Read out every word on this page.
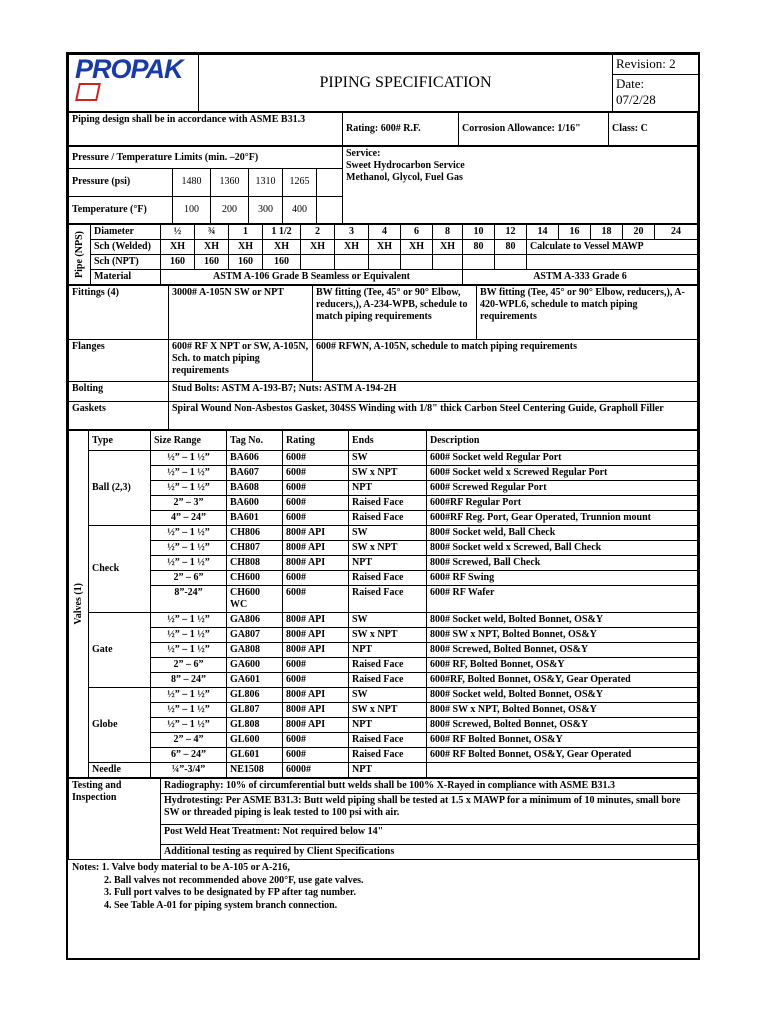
PROPAK	PIPING SPECIFICATION	Revision: 2

Date:
07/2/28
Piping design shall be in accordance with ASME B31.3	Rating: 600# R.F.	Corrosion Allowance: 1/16"	Class: C
Pressure / Temperature Limits (min. –20°F)						Service:
Sweet Hydrocarbon Service
Methanol, Glycol, Fuel Gas
Pressure (psi)	1480	1360	1310	1265		
Temperature (°F)	100	200	300	400		
Pipe (NPS)	Diameter	½	¾	1	1 1/2	2	3	4	6	8	10	12	14	16	18	20	24
	Sch (Welded)	XH	XH	XH	XH	XH	XH	XH	XH	XH	80	80	Calculate to Vessel MAWP				
	Sch (NPT)	160	160	160	160												
	Material	ASTM A-106 Grade B Seamless or Equivalent									ASTM A-333 Grade 6						
Fittings (4)	3000# A-105N SW or NPT	BW fitting (Tee, 45° or 90° Elbow, reducers,), A-234-WPB, schedule to match piping requirements	BW fitting (Tee, 45° or 90° Elbow, reducers,), A-420-WPL6, schedule to match piping requirements
Flanges	600# RF X NPT or SW, A-105N, Sch. to match piping requirements	600# RFWN, A-105N, schedule to match piping requirements	
Bolting	Stud Bolts: ASTM A-193-B7; Nuts: ASTM A-194-2H		
Gaskets	Spiral Wound Non-Asbestos Gasket, 304SS Winding with 1/8" thick Carbon Steel Centering Guide, Grapholl Filler		
Valves (1)	Type	Size Range	Tag No.	Rating	Ends	Description
	Ball (2,3)	½” – 1 ½”	BA606	600#	SW	600# Socket weld Regular Port
		½” – 1 ½”	BA607	600#	SW x NPT	600# Socket weld x Screwed Regular Port
		½” – 1 ½”	BA608	600#	NPT	600# Screwed Regular Port
		2” – 3”	BA600	600#	Raised Face	600#RF Regular Port
		4” – 24”	BA601	600#	Raised Face	600#RF Reg. Port, Gear Operated, Trunnion mount
	Check	½” – 1 ½”	CH806	800# API	SW	800# Socket weld, Ball Check
		½” – 1 ½”	CH807	800# API	SW x NPT	800# Socket weld x Screwed, Ball Check
		½” – 1 ½”	CH808	800# API	NPT	800# Screwed, Ball Check
		2” – 6”	CH600	600#	Raised Face	600# RF Swing
		8”-24”	CH600 WC	600#	Raised Face	600# RF Wafer
	Gate	½” – 1 ½”	GA806	800# API	SW	800# Socket weld, Bolted Bonnet, OS&Y
		½” – 1 ½”	GA807	800# API	SW x NPT	800# SW x NPT, Bolted Bonnet, OS&Y
		½” – 1 ½”	GA808	800# API	NPT	800# Screwed, Bolted Bonnet, OS&Y
		2” – 6”	GA600	600#	Raised Face	600# RF, Bolted Bonnet, OS&Y
		8” – 24”	GA601	600#	Raised Face	600#RF, Bolted Bonnet, OS&Y, Gear Operated
	Globe	½” – 1 ½”	GL806	800# API	SW	800# Socket weld, Bolted Bonnet, OS&Y
		½” – 1 ½”	GL807	800# API	SW x NPT	800# SW x NPT, Bolted Bonnet, OS&Y
		½” – 1 ½”	GL808	800# API	NPT	800# Screwed, Bolted Bonnet, OS&Y
		2” – 4”	GL600	600#	Raised Face	600# RF Bolted Bonnet, OS&Y
		6” – 24”	GL601	600#	Raised Face	600# RF Bolted Bonnet, OS&Y, Gear Operated
	Needle	¼”-3/4”	NE1508	6000#	NPT	
Testing and Inspection	Radiography: 10% of circumferential butt welds shall be 100% X-Rayed in compliance with ASME B31.3
Hydrotesting: Per ASME B31.3: Butt weld piping shall be tested at 1.5 x MAWP for a minimum of 10 minutes, small bore SW or threaded piping is leak tested to 100 psi with air.
Post Weld Heat Treatment: Not required below 14"
Additional testing as required by Client Specifications
Notes: 1. Valve body material to be A-105 or A-216,
2. Ball valves not recommended above 200°F, use gate valves.
3. Full port valves to be designated by FP after tag number.
4. See Table A-01 for piping system branch connection.
